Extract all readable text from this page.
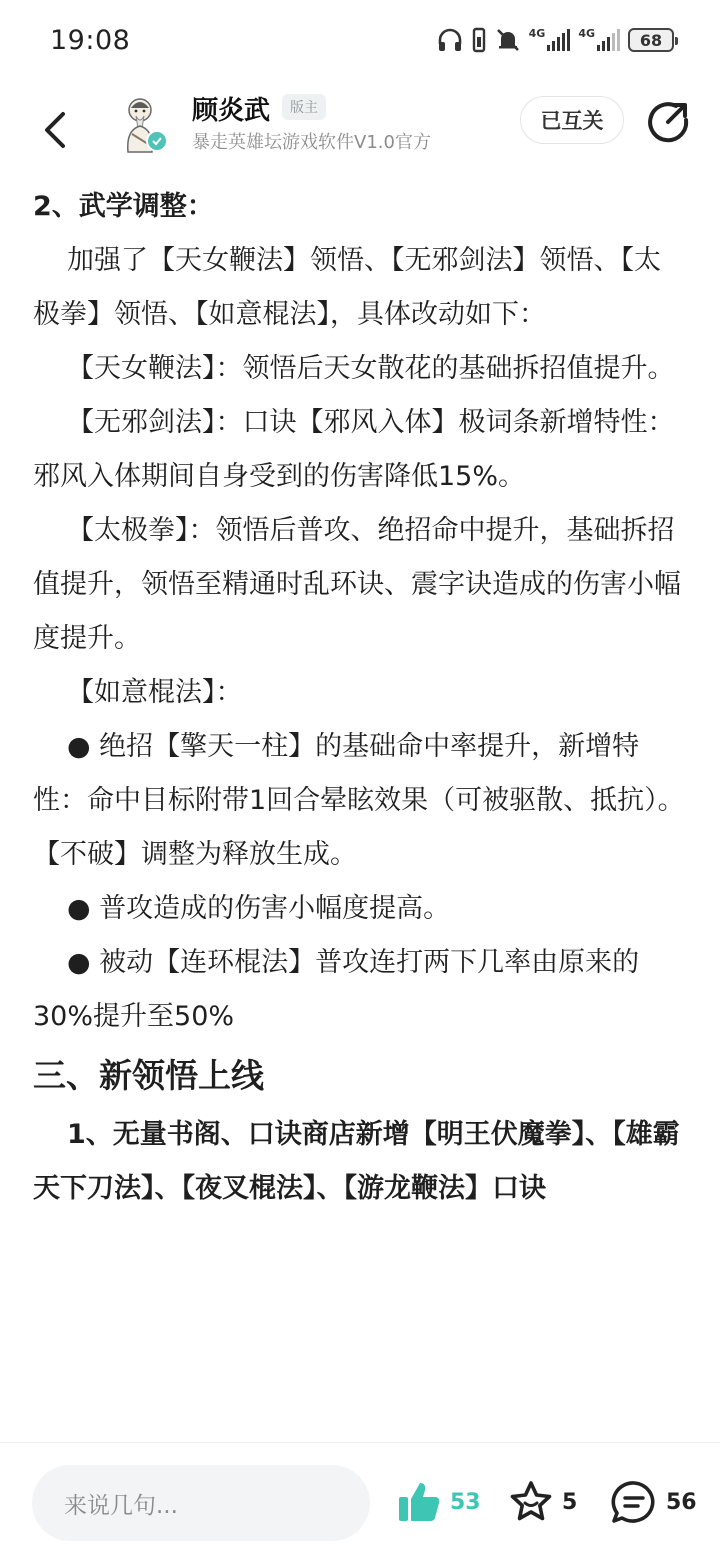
19:08	4G	4G	68
顾炎武	版主
暴走英雄坛游戏软件V1.0官方
已互关

2、武学调整：

加强了【天女鞭法】领悟、【无邪剑法】领悟、【太极拳】领悟、【如意棍法】，具体改动如下：

【天女鞭法】：领悟后天女散花的基础拆招值提升。

【无邪剑法】：口诀【邪风入体】极词条新增特性：邪风入体期间自身受到的伤害降低15%。

【太极拳】：领悟后普攻、绝招命中提升，基础拆招值提升，领悟至精通时乱环诀、震字诀造成的伤害小幅度提升。

【如意棍法】：

● 绝招【擎天一柱】的基础命中率提升，新增特性：命中目标附带1回合晕眩效果（可被驱散、抵抗）。【不破】调整为释放生成。

● 普攻造成的伤害小幅度提高。

● 被动【连环棍法】普攻连打两下几率由原来的30%提升至50%

三、新领悟上线

1、无量书阁、口诀商店新增【明王伏魔拳】、【雄霸天下刀法】、【夜叉棍法】、【游龙鞭法】口诀

来说几句...	53	5	56
